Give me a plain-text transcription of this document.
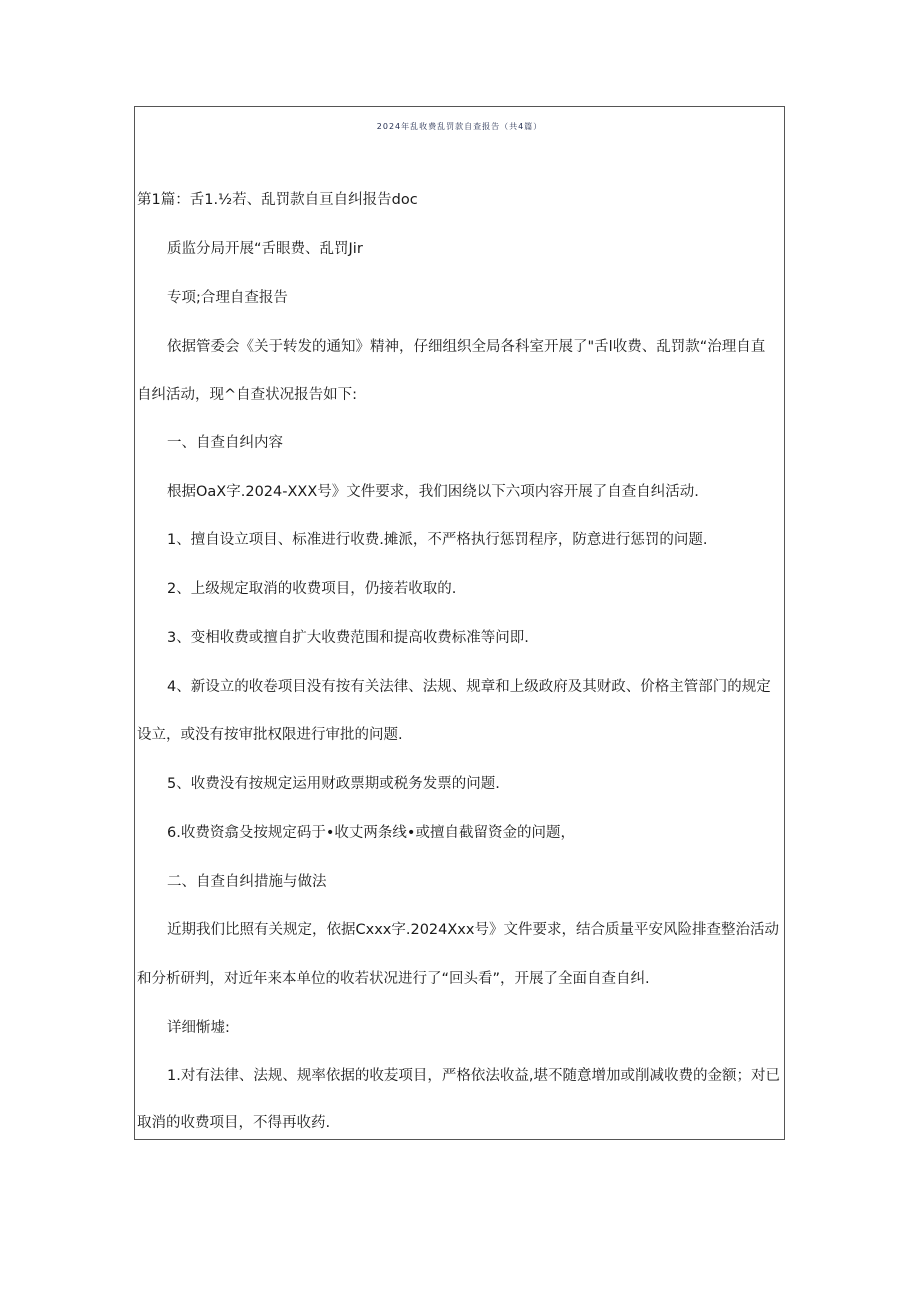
2024年乱收费乱罚款自查报告（共4篇）
第1篇：舌1.½若、乱罚款自亘自纠报告doc
质监分局开展“舌眼费、乱罚Jir
专项;合理自查报告
依据管委会《关于转发的通知》精神，仔细组织全局各科室开展了"舌l收费、乱罚款“治理自直
自纠活动，现^自查状况报告如下:
一、自查自纠内容
根据OaX字.2024-XXX号》文件要求，我们困绕以下六项内容开展了自查自纠活动.
1、擅自设立项目、标准进行收费.摊派，不严格执行惩罚程序，防意进行惩罚的问题.
2、上级规定取消的收费项目，仍接若收取的.
3、变相收费或擅自扩大收费范围和提高收费标准等问即.
4、新设立的收卷项目没有按有关法律、法规、规章和上级政府及其财政、价格主管部门的规定
设立，或没有按审批权限进行审批的问题.
5、收费没有按规定运用财政票期或税务发票的问题.
6.收费资翕殳按规定码于•收丈两条线•或擅自截留资金的问题，
二、自查自纠措施与做法
近期我们比照有关规定，依据Cxxx字.2024Xxx号》文件要求，结合质量平安风险排查整治活动
和分析研判，对近年来本单位的收若状况进行了“回头看”，开展了全面自查自纠.
详细惭墟:
1.对有法律、法规、规率依据的收苃项目，严格依法收益,堪不随意增加或削减收费的金额；对已
取消的收费项目，不得再收药.
